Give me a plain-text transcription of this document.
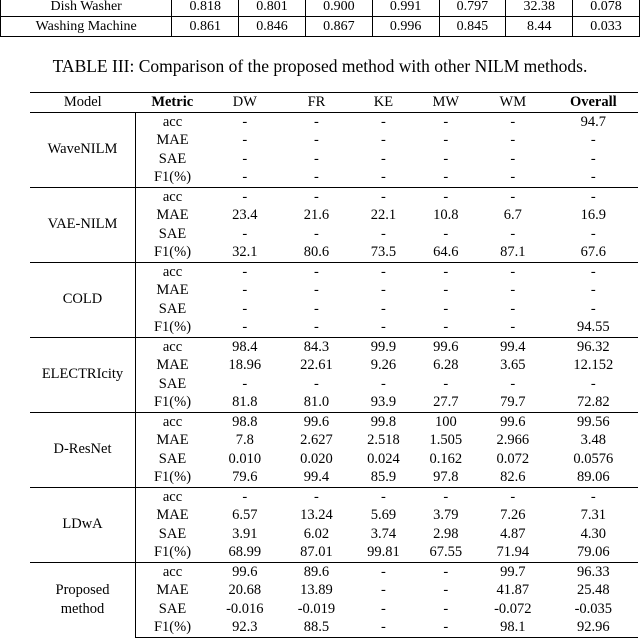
Dish Washer	0.818	0.801	0.900	0.991	0.797	32.38	0.078
Washing Machine	0.861	0.846	0.867	0.996	0.845	8.44	0.033
TABLE III: Comparison of the proposed method with other NILM methods.
Model	Metric	DW	FR	KE	MW	WM	Overall
WaveNILM	acc	-	-	-	-	-	94.7
	MAE	-	-	-	-	-	-
	SAE	-	-	-	-	-	-
	F1(%)	-	-	-	-	-	-
VAE-NILM	acc	-	-	-	-	-	-
	MAE	23.4	21.6	22.1	10.8	6.7	16.9
	SAE	-	-	-	-	-	-
	F1(%)	32.1	80.6	73.5	64.6	87.1	67.6
COLD	acc	-	-	-	-	-	-
	MAE	-	-	-	-	-	-
	SAE	-	-	-	-	-	-
	F1(%)	-	-	-	-	-	94.55
ELECTRIcity	acc	98.4	84.3	99.9	99.6	99.4	96.32
	MAE	18.96	22.61	9.26	6.28	3.65	12.152
	SAE	-	-	-	-	-	-
	F1(%)	81.8	81.0	93.9	27.7	79.7	72.82
D-ResNet	acc	98.8	99.6	99.8	100	99.6	99.56
	MAE	7.8	2.627	2.518	1.505	2.966	3.48
	SAE	0.010	0.020	0.024	0.162	0.072	0.0576
	F1(%)	79.6	99.4	85.9	97.8	82.6	89.06
LDwA	acc	-	-	-	-	-	-
	MAE	6.57	13.24	5.69	3.79	7.26	7.31
	SAE	3.91	6.02	3.74	2.98	4.87	4.30
	F1(%)	68.99	87.01	99.81	67.55	71.94	79.06
Proposed
method	acc	99.6	89.6	-	-	99.7	96.33
	MAE	20.68	13.89	-	-	41.87	25.48
	SAE	-0.016	-0.019	-	-	-0.072	-0.035
	F1(%)	92.3	88.5	-	-	98.1	92.96
